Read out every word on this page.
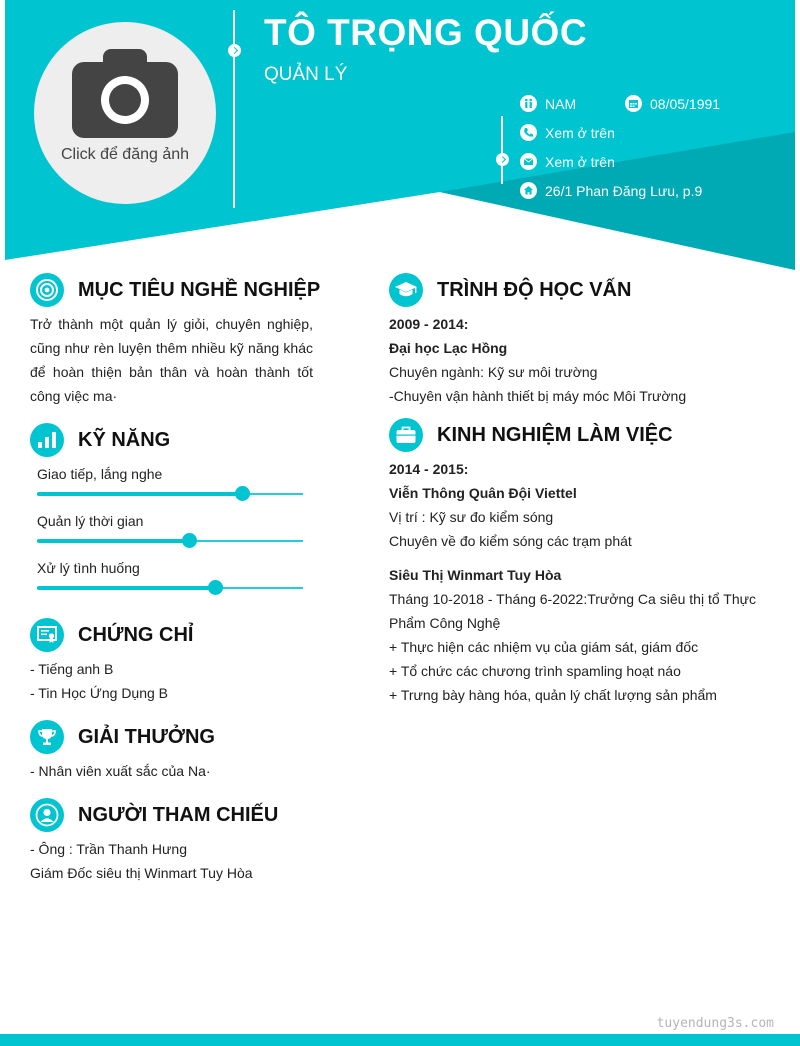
Click để đăng ảnh
TÔ TRỌNG QUỐC
QUẢN LÝ
NAM	08/05/1991
Xem ở trên
Xem ở trên
26/1 Phan Đăng Lưu, p.9
MỤC TIÊU NGHỀ NGHIỆP
Trở thành một quản lý giỏi, chuyên nghiệp, cũng như rèn luyện thêm nhiều kỹ năng khác để hoàn thiện bản thân và hoàn thành tốt công việc ma·
KỸ NĂNG
Giao tiếp, lắng nghe
Quản lý thời gian
Xử lý tình huống
CHỨNG CHỈ
- Tiếng anh B
- Tin Học Ứng Dụng B
GIẢI THƯỞNG
- Nhân viên xuất sắc của Na·
NGƯỜI THAM CHIẾU
- Ông : Trần Thanh Hưng
Giám Đốc siêu thị Winmart Tuy Hòa
TRÌNH ĐỘ HỌC VẤN
2009 - 2014:
Đại học Lạc Hồng
Chuyên ngành: Kỹ sư môi trường
-Chuyên vận hành thiết bị máy móc Môi Trường
KINH NGHIỆM LÀM VIỆC
2014 - 2015:
Viễn Thông Quân Đội Viettel
Vị trí : Kỹ sư đo kiểm sóng
Chuyên về đo kiểm sóng các trạm phát
Siêu Thị Winmart Tuy Hòa
Tháng 10-2018 - Tháng 6-2022:Trưởng Ca siêu thị tổ Thực Phẩm Công Nghệ
+ Thực hiện các nhiệm vụ của giám sát, giám đốc
+ Tổ chức các chương trình spamling hoạt náo
+ Trưng bày hàng hóa, quản lý chất lượng sản phẩm
tuyendung3s.com
